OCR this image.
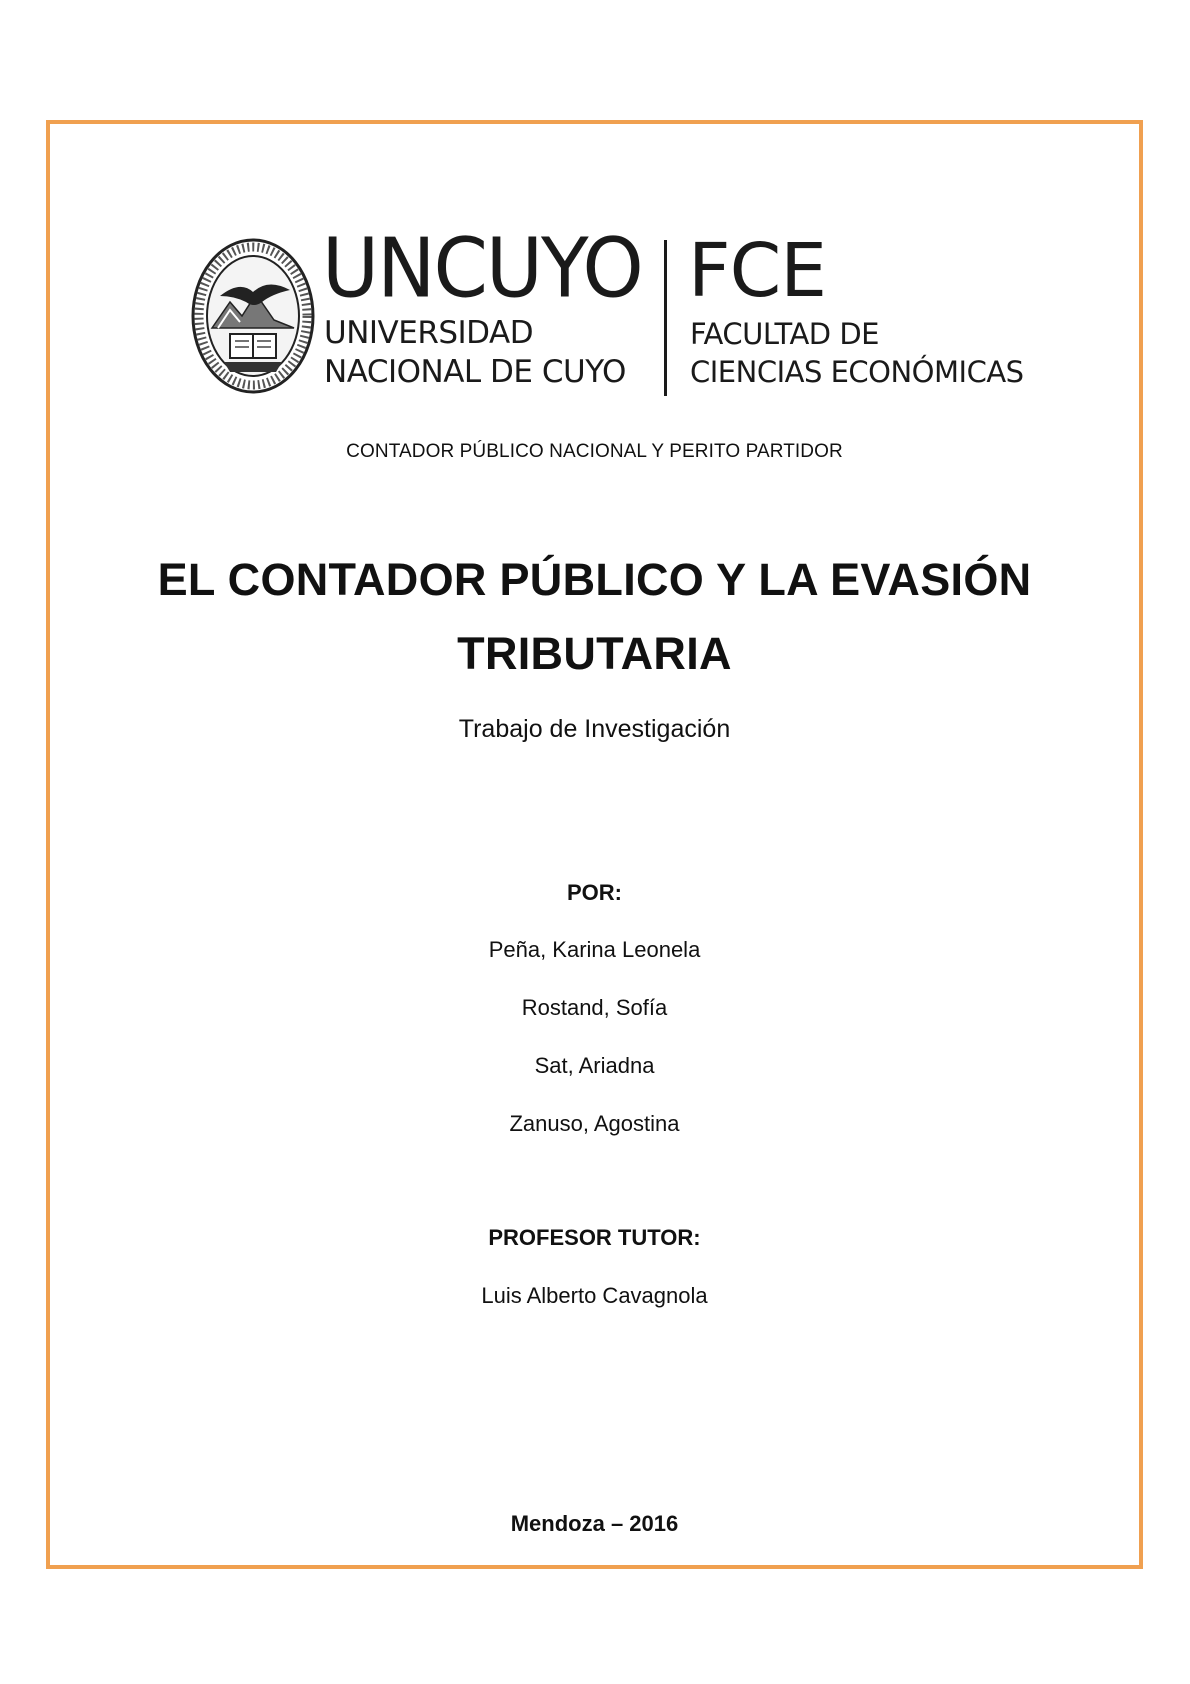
UNCUYO
UNIVERSIDAD
NACIONAL DE CUYO
FCE
FACULTAD DE
CIENCIAS ECONÓMICAS
CONTADOR PÚBLICO NACIONAL Y PERITO PARTIDOR
EL CONTADOR PÚBLICO Y LA EVASIÓN
TRIBUTARIA
Trabajo de Investigación
POR:
Peña, Karina Leonela
Rostand, Sofía
Sat, Ariadna
Zanuso, Agostina
PROFESOR TUTOR:
Luis Alberto Cavagnola
Mendoza – 2016
